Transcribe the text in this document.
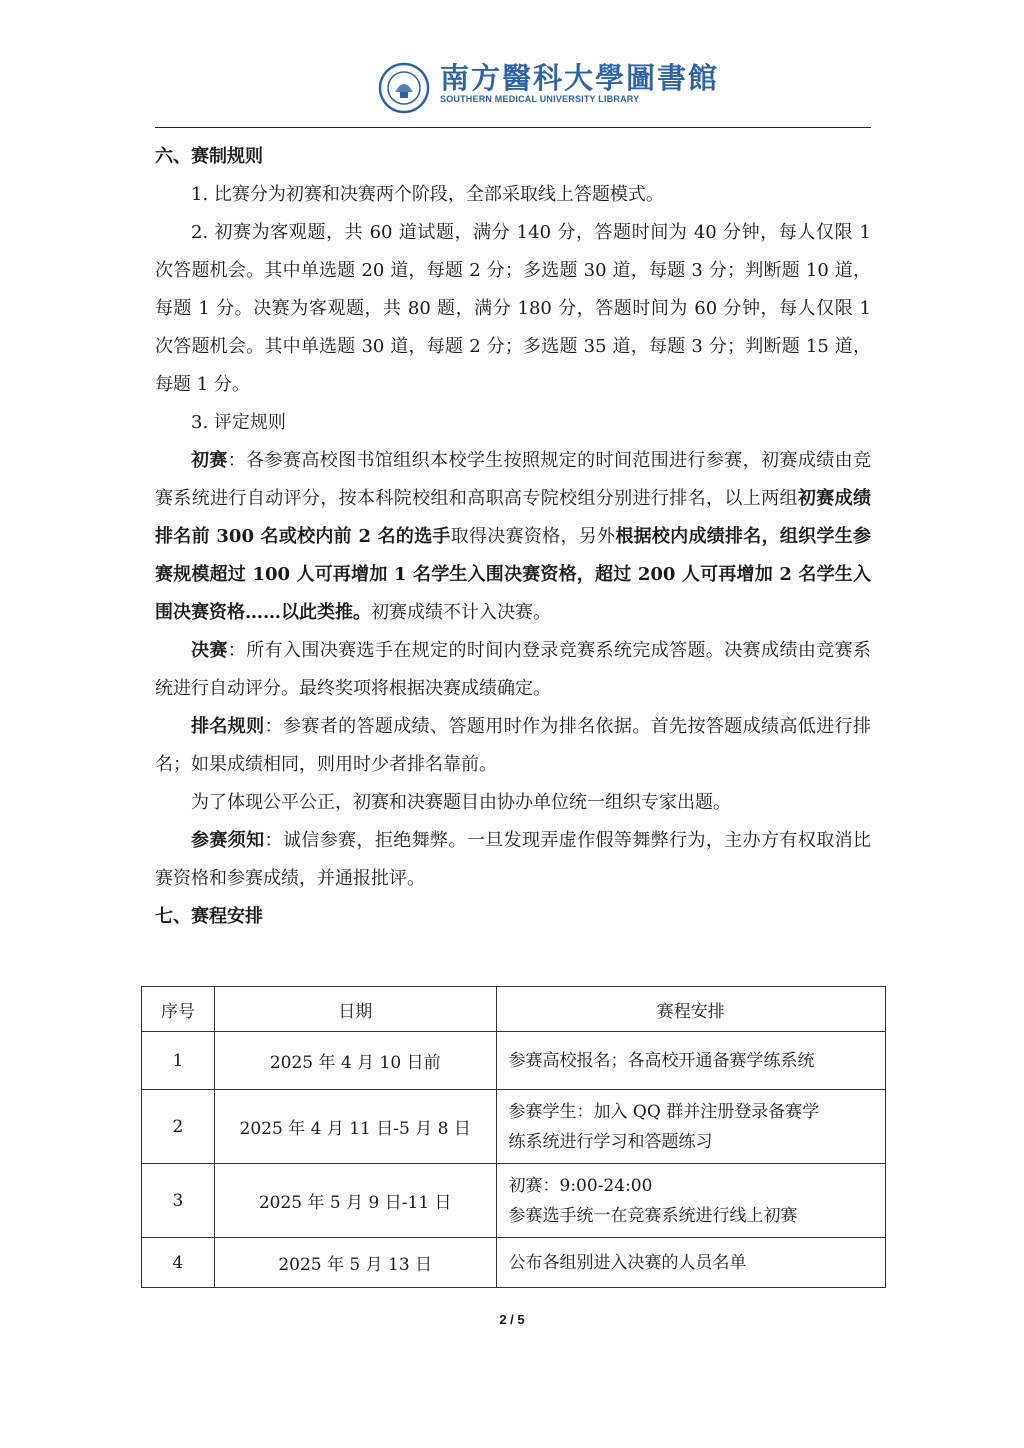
南方醫科大學圖書館
SOUTHERN MEDICAL UNIVERSITY LIBRARY
六、赛制规则

1. 比赛分为初赛和决赛两个阶段，全部采取线上答题模式。

2. 初赛为客观题，共 60 道试题，满分 140 分，答题时间为 40 分钟，每人仅限 1 次答题机会。其中单选题 20 道，每题 2 分；多选题 30 道，每题 3 分；判断题 10 道，每题 1 分。决赛为客观题，共 80 题，满分 180 分，答题时间为 60 分钟，每人仅限 1 次答题机会。其中单选题 30 道，每题 2 分；多选题 35 道，每题 3 分；判断题 15 道，每题 1 分。

3. 评定规则

初赛：各参赛高校图书馆组织本校学生按照规定的时间范围进行参赛，初赛成绩由竞赛系统进行自动评分，按本科院校组和高职高专院校组分别进行排名，以上两组初赛成绩排名前 300 名或校内前 2 名的选手取得决赛资格，另外根据校内成绩排名，组织学生参赛规模超过 100 人可再增加 1 名学生入围决赛资格，超过 200 人可再增加 2 名学生入围决赛资格……以此类推。初赛成绩不计入决赛。

决赛：所有入围决赛选手在规定的时间内登录竞赛系统完成答题。决赛成绩由竞赛系统进行自动评分。最终奖项将根据决赛成绩确定。

排名规则：参赛者的答题成绩、答题用时作为排名依据。首先按答题成绩高低进行排名；如果成绩相同，则用时少者排名靠前。

为了体现公平公正，初赛和决赛题目由协办单位统一组织专家出题。

参赛须知：诚信参赛，拒绝舞弊。一旦发现弄虚作假等舞弊行为，主办方有权取消比赛资格和参赛成绩，并通报批评。

七、赛程安排
序号	日期	赛程安排
1	2025 年 4 月 10 日前	参赛高校报名；各高校开通备赛学练系统

2	2025 年 4 月 11 日-5 月 8 日	参赛学生：加入 QQ 群并注册登录备赛学
练系统进行学习和答题练习

3	2025 年 5 月 9 日-11 日	初赛：9:00-24:00
参赛选手统一在竞赛系统进行线上初赛

4	2025 年 5 月 13 日	公布各组别进入决赛的人员名单
2 / 5
